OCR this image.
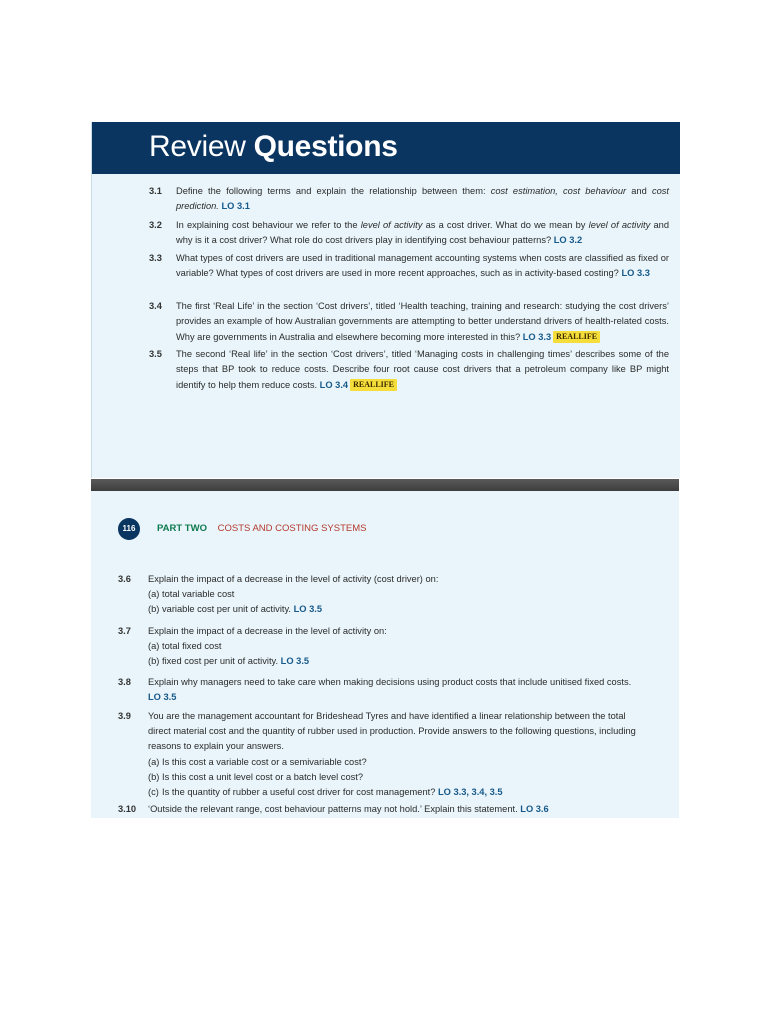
Review Questions
3.1 Define the following terms and explain the relationship between them: cost estimation, cost behaviour and cost prediction. LO 3.1
3.2 In explaining cost behaviour we refer to the level of activity as a cost driver. What do we mean by level of activity and why is it a cost driver? What role do cost drivers play in identifying cost behaviour patterns? LO 3.2
3.3 What types of cost drivers are used in traditional management accounting systems when costs are classified as fixed or variable? What types of cost drivers are used in more recent approaches, such as in activity-based costing? LO 3.3
3.4 The first ‘Real Life’ in the section ‘Cost drivers’, titled ‘Health teaching, training and research: studying the cost drivers’ provides an example of how Australian governments are attempting to better understand drivers of health-related costs. Why are governments in Australia and elsewhere becoming more interested in this? LO 3.3 REALLIFE
3.5 The second ‘Real life’ in the section ‘Cost drivers’, titled ‘Managing costs in challenging times’ describes some of the steps that BP took to reduce costs. Describe four root cause cost drivers that a petroleum company like BP might identify to help them reduce costs. LO 3.4 REALLIFE
116	PART TWO COSTS AND COSTING SYSTEMS
3.6 Explain the impact of a decrease in the level of activity (cost driver) on:
(a) total variable cost
(b) variable cost per unit of activity. LO 3.5
3.7 Explain the impact of a decrease in the level of activity on:
(a) total fixed cost
(b) fixed cost per unit of activity. LO 3.5
3.8 Explain why managers need to take care when making decisions using product costs that include unitised fixed costs. LO 3.5
3.9 You are the management accountant for Brideshead Tyres and have identified a linear relationship between the total direct material cost and the quantity of rubber used in production. Provide answers to the following questions, including reasons to explain your answers.
(a) Is this cost a variable cost or a semivariable cost?
(b) Is this cost a unit level cost or a batch level cost?
(c) Is the quantity of rubber a useful cost driver for cost management? LO 3.3, 3.4, 3.5
3.10 ‘Outside the relevant range, cost behaviour patterns may not hold.’ Explain this statement. LO 3.6
